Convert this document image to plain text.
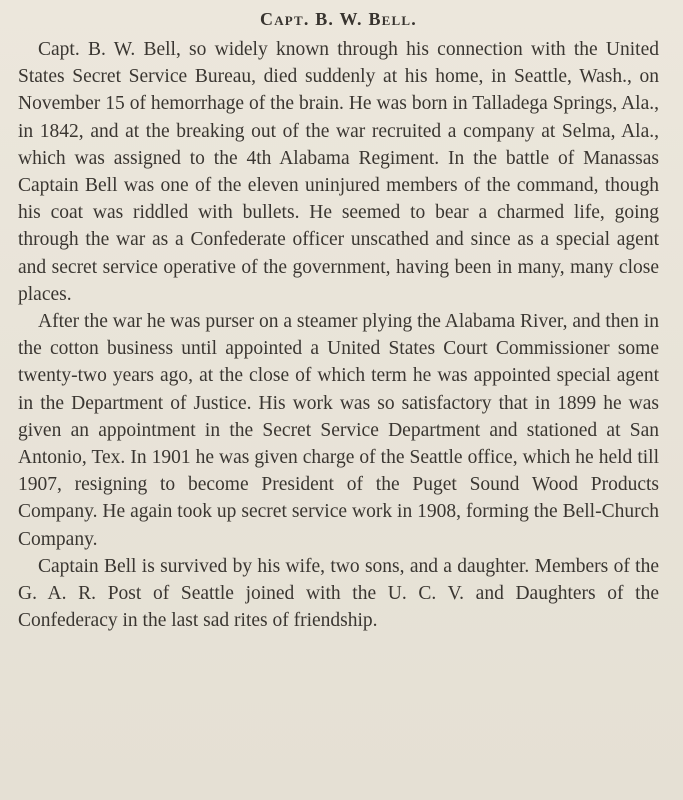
Capt. B. W. Bell.

Capt. B. W. Bell, so widely known through his connection with the United States Secret Service Bureau, died suddenly at his home, in Seattle, Wash., on November 15 of hemorrhage of the brain. He was born in Talladega Springs, Ala., in 1842, and at the breaking out of the war recruited a company at Selma, Ala., which was assigned to the 4th Alabama Regiment. In the battle of Manassas Captain Bell was one of the eleven uninjured members of the command, though his coat was riddled with bullets. He seemed to bear a charmed life, going through the war as a Confederate officer unscathed and since as a special agent and secret service operative of the government, having been in many, many close places.

After the war he was purser on a steamer plying the Alabama River, and then in the cotton business until appointed a United States Court Commissioner some twenty-two years ago, at the close of which term he was appointed special agent in the Department of Justice. His work was so satisfactory that in 1899 he was given an appointment in the Secret Service Department and stationed at San Antonio, Tex. In 1901 he was given charge of the Seattle office, which he held till 1907, resigning to become President of the Puget Sound Wood Products Company. He again took up secret service work in 1908, forming the Bell-Church Company.

Captain Bell is survived by his wife, two sons, and a daughter. Members of the G. A. R. Post of Seattle joined with the U. C. V. and Daughters of the Confederacy in the last sad rites of friendship.
